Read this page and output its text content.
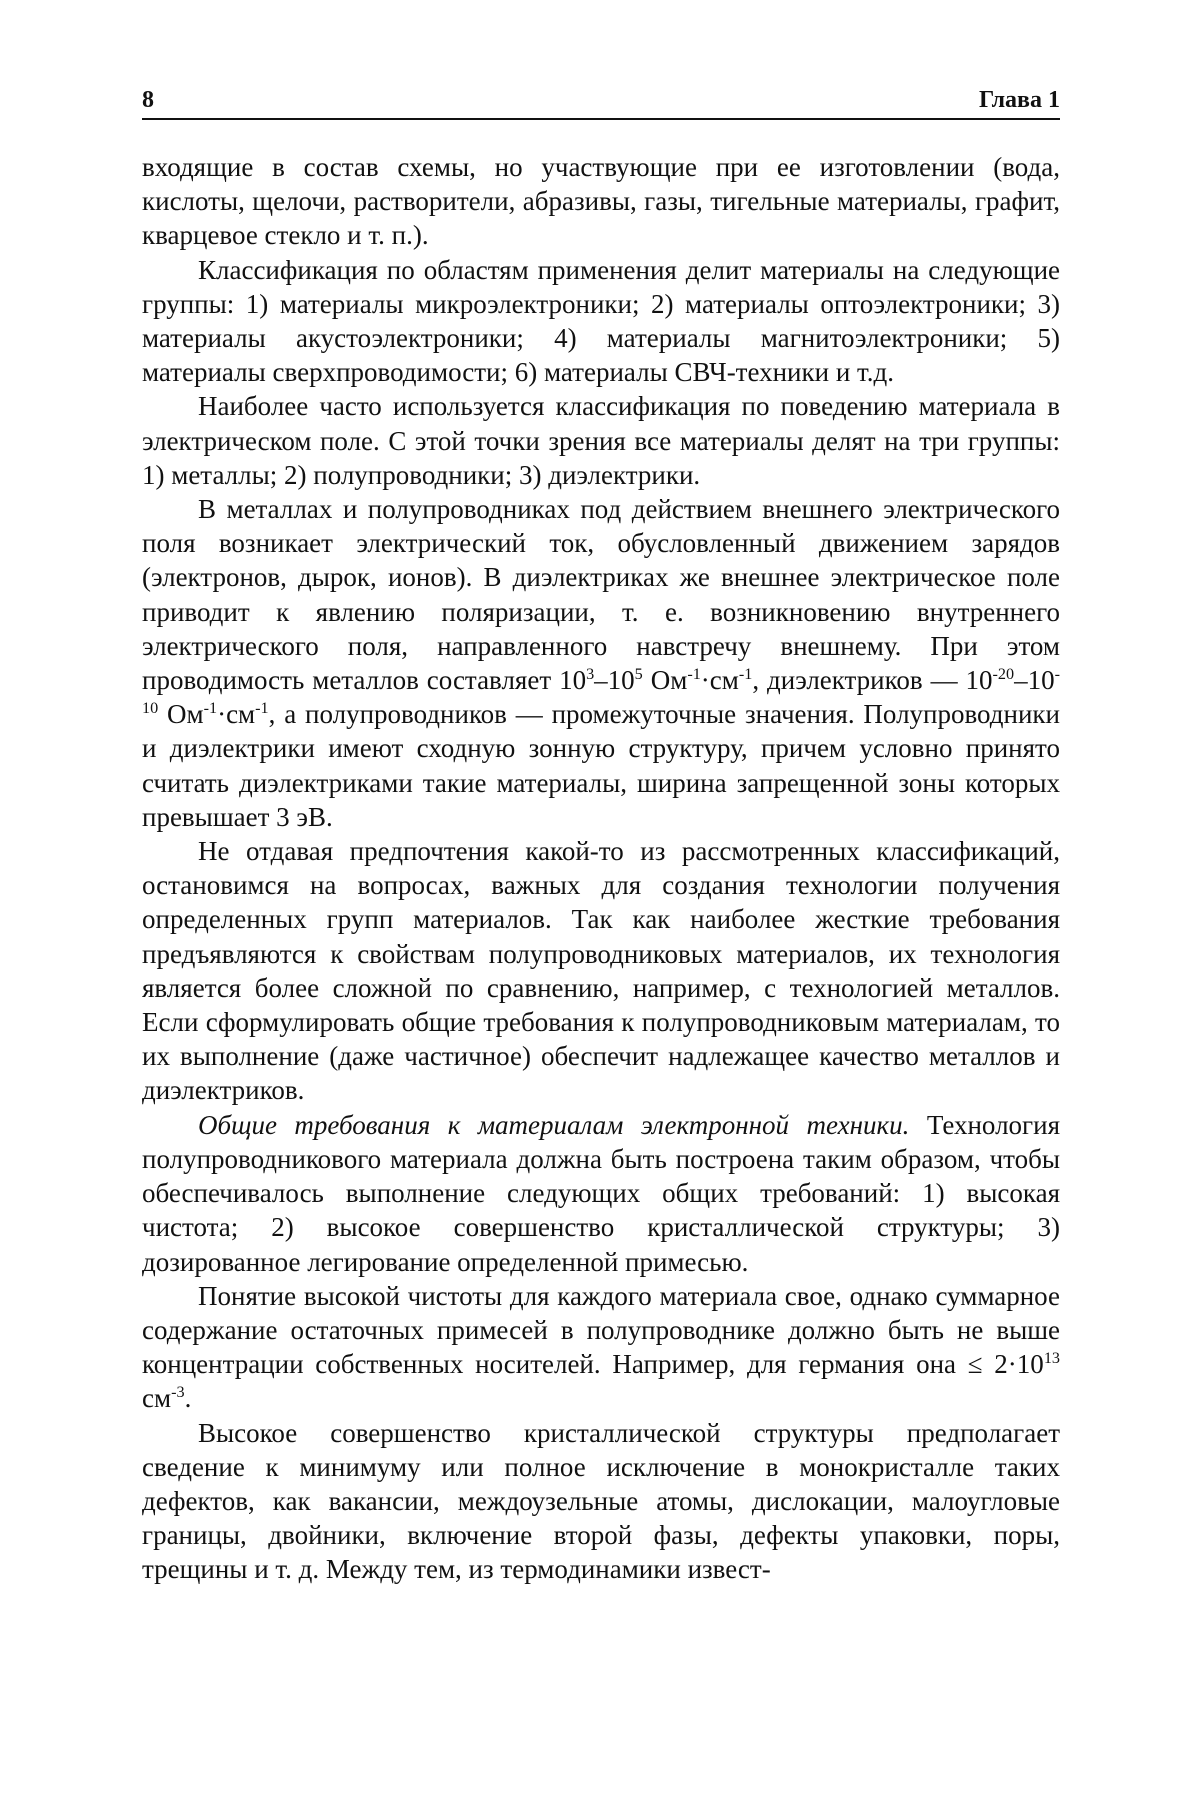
8	Глава 1

входящие в состав схемы, но участвующие при ее изготовлении (вода, кислоты, щелочи, растворители, абразивы, газы, тигельные материалы, графит, кварцевое стекло и т. п.).

Классификация по областям применения делит материалы на следующие группы: 1) материалы микроэлектроники; 2) материалы оптоэлектроники; 3) материалы акустоэлектроники; 4) материалы магнитоэлектроники; 5) материалы сверхпроводимости; 6) материалы СВЧ-техники и т.д.

Наиболее часто используется классификация по поведению материала в электрическом поле. С этой точки зрения все материалы делят на три группы: 1) металлы; 2) полупроводники; 3) диэлектрики.

В металлах и полупроводниках под действием внешнего электрического поля возникает электрический ток, обусловленный движением зарядов (электронов, дырок, ионов). В диэлектриках же внешнее электрическое поле приводит к явлению поляризации, т. е. возникновению внутреннего электрического поля, направленного навстречу внешнему. При этом проводимость металлов составляет $10^3-10^5$ $Ом^{-1}\cdot см^{-1}$, диэлектриков — $10^{-20}-10^{-10}$ $Ом^{-1}\cdot см^{-1}$, а полупроводников — промежуточные значения. Полупроводники и диэлектрики имеют сходную зонную структуру, причем условно принято считать диэлектриками такие материалы, ширина запрещенной зоны которых превышает 3 эВ.

Не отдавая предпочтения какой-то из рассмотренных классификаций, остановимся на вопросах, важных для создания технологии получения определенных групп материалов. Так как наиболее жесткие требования предъявляются к свойствам полупроводниковых материалов, их технология является более сложной по сравнению, например, с технологией металлов. Если сформулировать общие требования к полупроводниковым материалам, то их выполнение (даже частичное) обеспечит надлежащее качество металлов и диэлектриков.

Общие требования к материалам электронной техники. Технология полупроводникового материала должна быть построена таким образом, чтобы обеспечивалось выполнение следующих общих требований: 1) высокая чистота; 2) высокое совершенство кристаллической структуры; 3) дозированное легирование определенной примесью.

Понятие высокой чистоты для каждого материала свое, однако суммарное содержание остаточных примесей в полупроводнике должно быть не выше концентрации собственных носителей. Например, для германия она ≤ $2\cdot 10^{13}$ $см^{-3}$.

Высокое совершенство кристаллической структуры предполагает сведение к минимуму или полное исключение в монокристалле таких дефектов, как вакансии, междоузельные атомы, дислокации, малоугловые границы, двойники, включение второй фазы, дефекты упаковки, поры, трещины и т. д. Между тем, из термодинамики извест-
